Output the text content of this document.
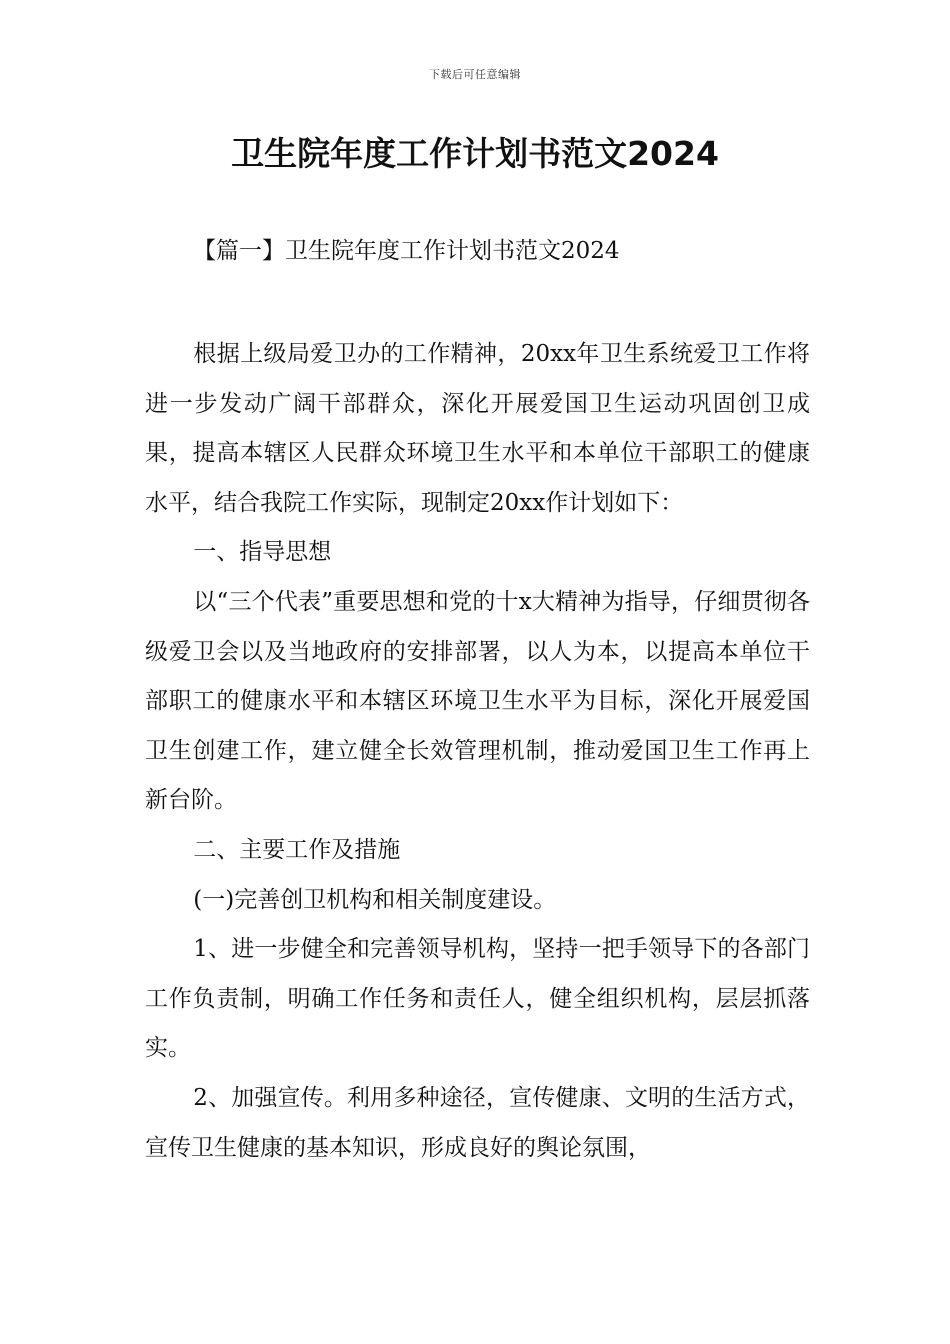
下载后可任意编辑
卫生院年度工作计划书范文2024
【篇一】卫生院年度工作计划书范文2024

根据上级局爱卫办的工作精神，20xx年卫生系统爱卫工作将进一步发动广阔干部群众，深化开展爱国卫生运动巩固创卫成果，提高本辖区人民群众环境卫生水平和本单位干部职工的健康水平，结合我院工作实际，现制定20xx作计划如下：

一、指导思想

以“三个代表”重要思想和党的十x大精神为指导，仔细贯彻各级爱卫会以及当地政府的安排部署，以人为本，以提高本单位干部职工的健康水平和本辖区环境卫生水平为目标，深化开展爱国卫生创建工作，建立健全长效管理机制，推动爱国卫生工作再上新台阶。

二、主要工作及措施

(一)完善创卫机构和相关制度建设。

1、进一步健全和完善领导机构，坚持一把手领导下的各部门工作负责制，明确工作任务和责任人，健全组织机构，层层抓落实。

2、加强宣传。利用多种途径，宣传健康、文明的生活方式，宣传卫生健康的基本知识，形成良好的舆论氛围，
